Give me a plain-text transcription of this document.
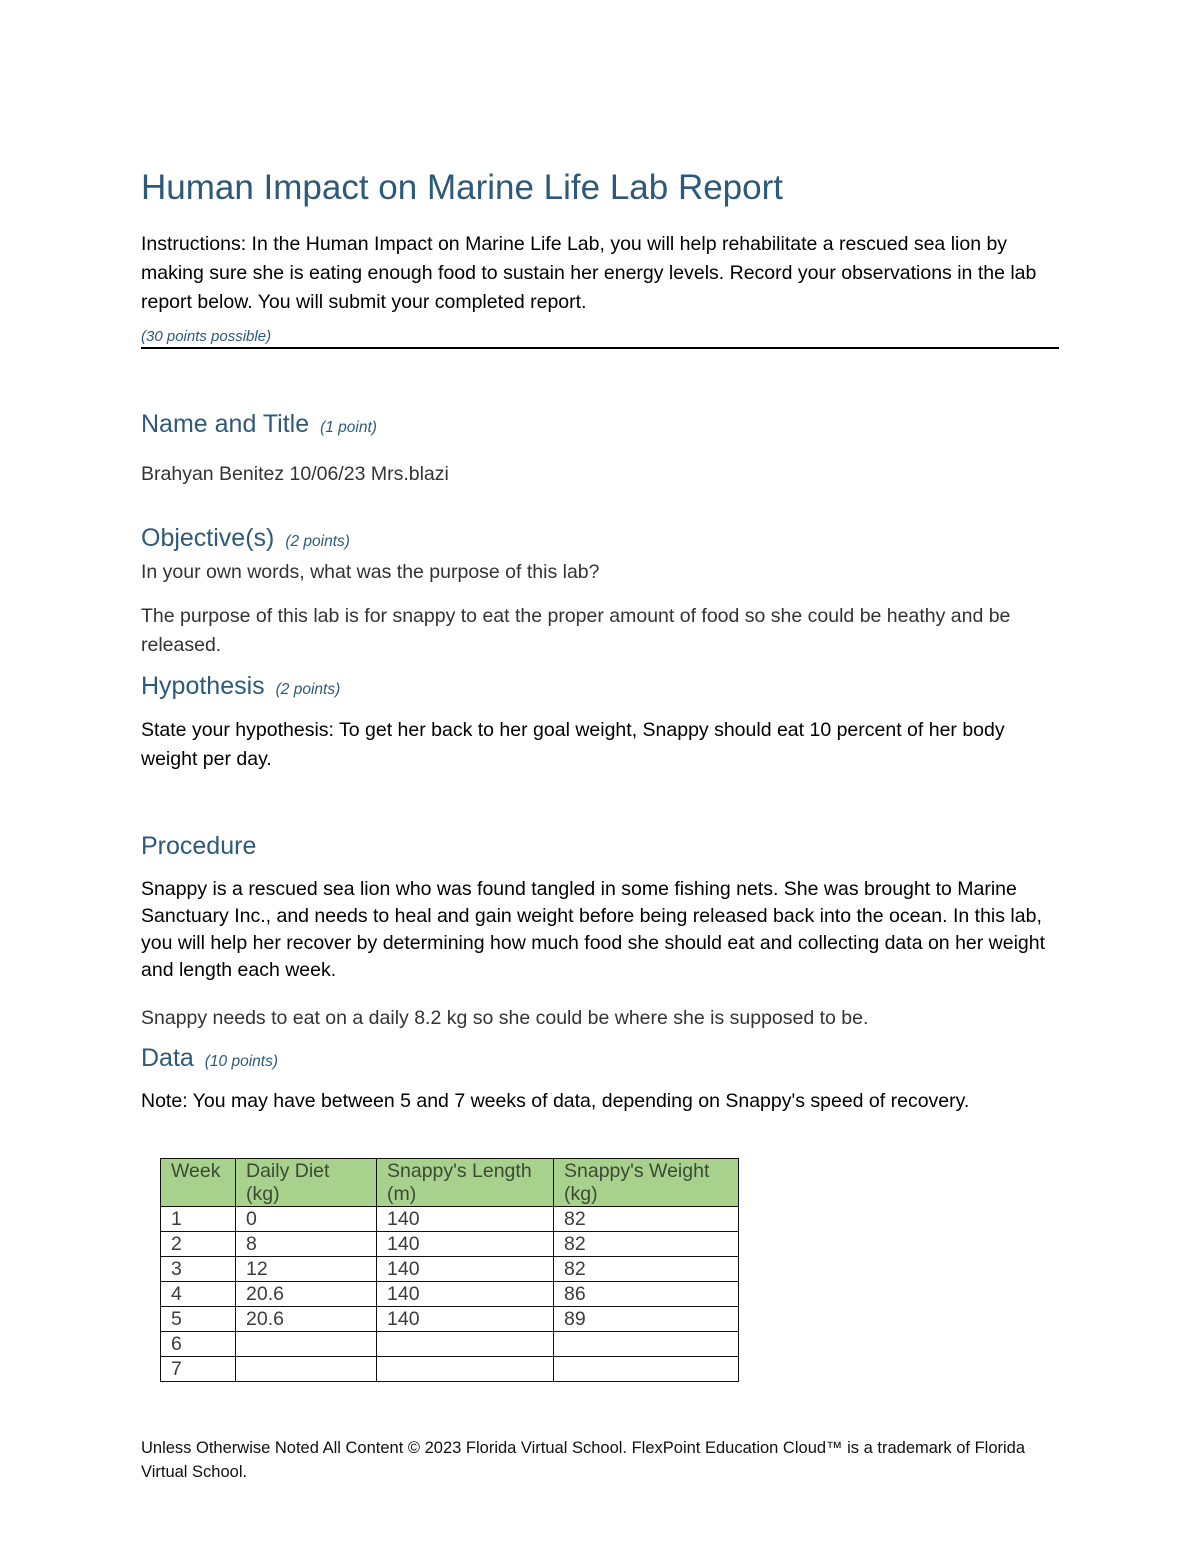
Human Impact on Marine Life Lab Report
Instructions: In the Human Impact on Marine Life Lab, you will help rehabilitate a rescued sea lion by making sure she is eating enough food to sustain her energy levels. Record your observations in the lab report below. You will submit your completed report.
(30 points possible)
Name and Title (1 point)
Brahyan Benitez 10/06/23 Mrs.blazi
Objective(s) (2 points)
In your own words, what was the purpose of this lab?
The purpose of this lab is for snappy to eat the proper amount of food so she could be heathy and be released.
Hypothesis (2 points)
State your hypothesis: To get her back to her goal weight, Snappy should eat 10 percent of her body weight per day.
Procedure
Snappy is a rescued sea lion who was found tangled in some fishing nets. She was brought to Marine Sanctuary Inc., and needs to heal and gain weight before being released back into the ocean. In this lab, you will help her recover by determining how much food she should eat and collecting data on her weight and length each week.
Snappy needs to eat on a daily 8.2 kg so she could be where she is supposed to be.
Data (10 points)
Note: You may have between 5 and 7 weeks of data, depending on Snappy's speed of recovery.
Week	Daily Diet (kg)	Snappy's Length (m)	Snappy's Weight (kg)
1	0	140	82
2	8	140	82
3	12	140	82
4	20.6	140	86
5	20.6	140	89
6			
7			
Unless Otherwise Noted All Content © 2023 Florida Virtual School. FlexPoint Education Cloud™ is a trademark of Florida Virtual School.
